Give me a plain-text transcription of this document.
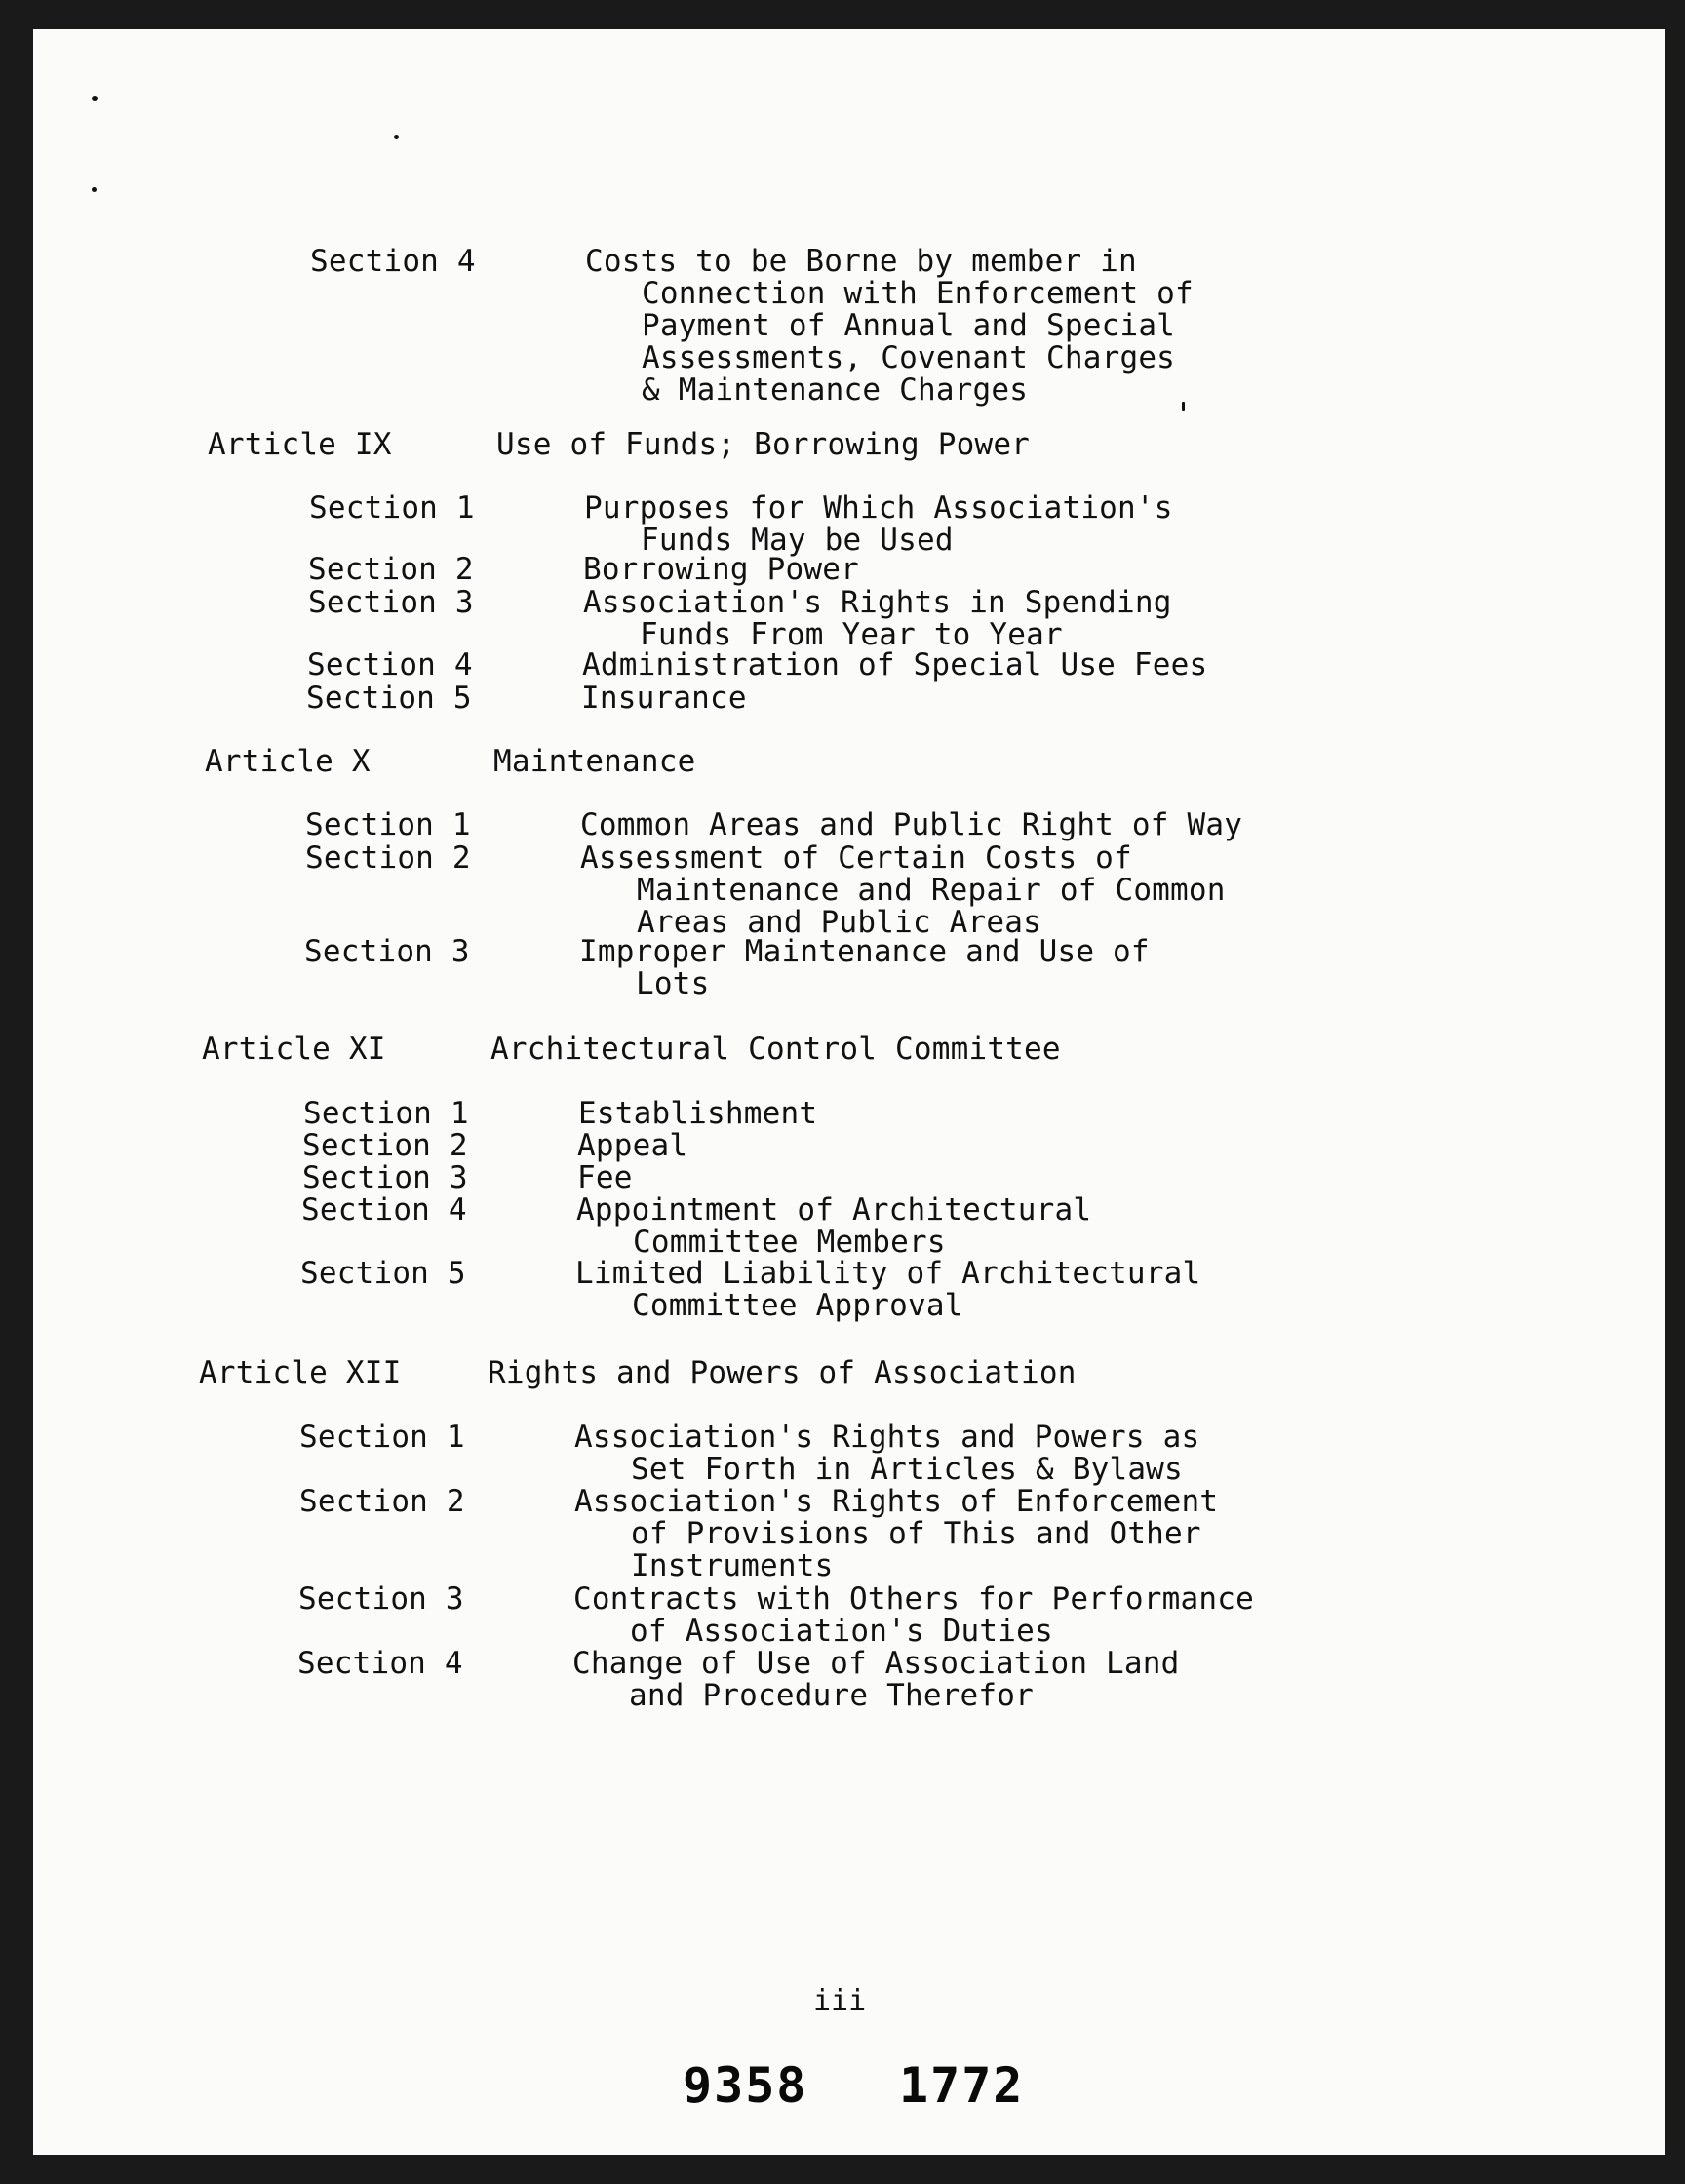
Section 4	Costs to be Borne by member in
Connection with Enforcement of
Payment of Annual and Special
Assessments, Covenant Charges
& Maintenance Charges
Article IX	Use of Funds; Borrowing Power
Section 1	Purposes for Which Association's
Funds May be Used
Section 2	Borrowing Power
Section 3	Association's Rights in Spending
Funds From Year to Year
Section 4	Administration of Special Use Fees
Section 5	Insurance
Article X	Maintenance
Section 1	Common Areas and Public Right of Way
Section 2	Assessment of Certain Costs of
Maintenance and Repair of Common
Areas and Public Areas
Section 3	Improper Maintenance and Use of
Lots
Article XI	Architectural Control Committee
Section 1	Establishment
Section 2	Appeal
Section 3	Fee
Section 4	Appointment of Architectural
Committee Members
Section 5	Limited Liability of Architectural
Committee Approval
Article XII	Rights and Powers of Association
Section 1	Association's Rights and Powers as
Set Forth in Articles & Bylaws
Section 2	Association's Rights of Enforcement
of Provisions of This and Other
Instruments
Section 3	Contracts with Others for Performance
of Association's Duties
Section 4	Change of Use of Association Land
and Procedure Therefor
iii
9358 1772
